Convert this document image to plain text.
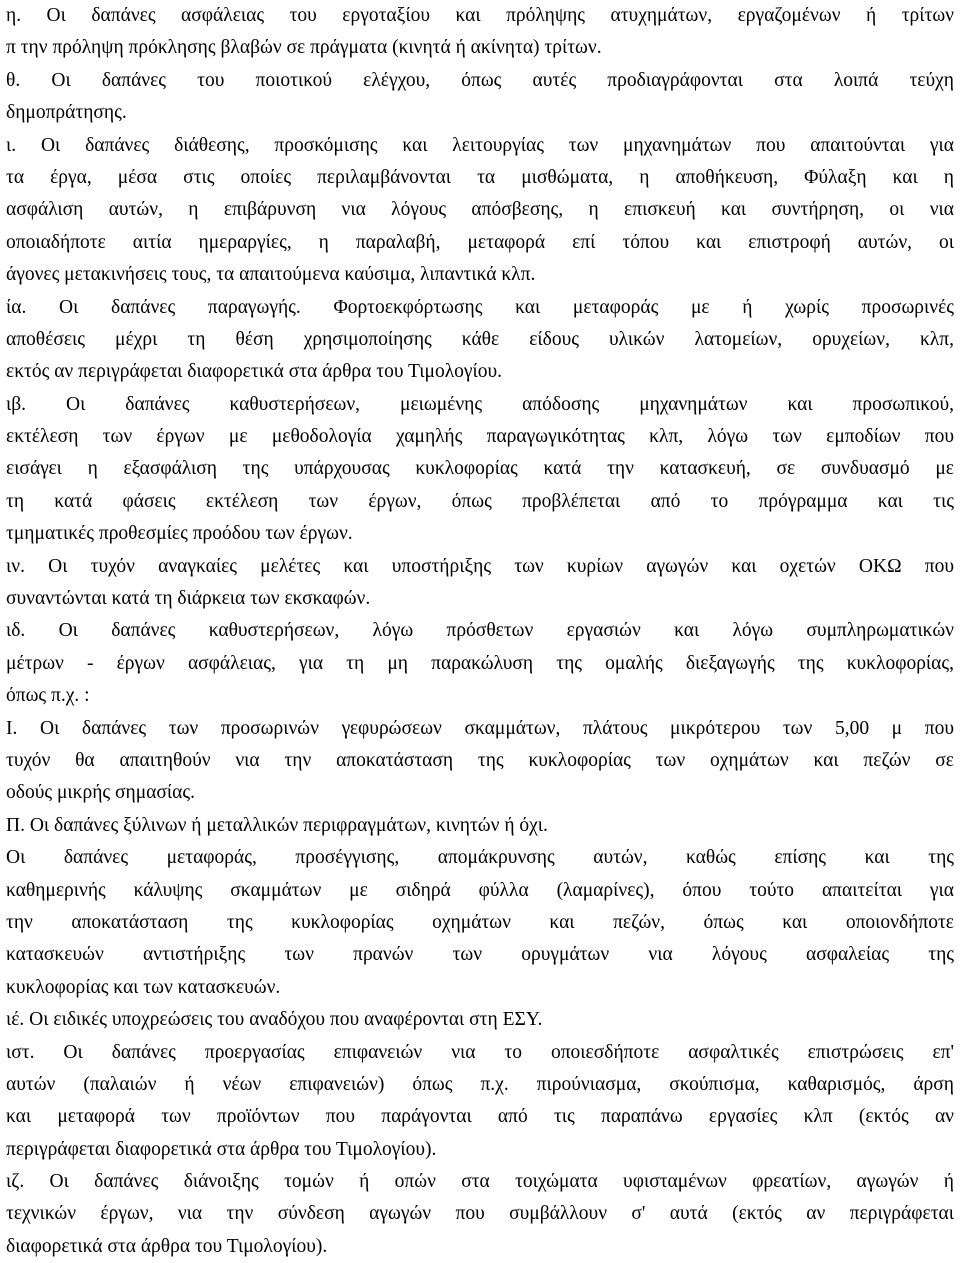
η. Οι δαπάνες ασφάλειας του εργοταξίου και πρόληψης ατυχημάτων, εργαζομένων ή τρίτων
π την πρόληψη πρόκλησης βλαβών σε πράγματα (κινητά ή ακίνητα) τρίτων.
θ. Οι δαπάνες του ποιοτικού ελέγχου, όπως αυτές προδιαγράφονται στα λοιπά τεύχη
δημοπράτησης.
ι. Οι δαπάνες διάθεσης, προσκόμισης και λειτουργίας των μηχανημάτων που απαιτούνται για
τα έργα, μέσα στις οποίες περιλαμβάνονται τα μισθώματα, η αποθήκευση, Φύλαξη και η
ασφάλιση αυτών, η επιβάρυνση νια λόγους απόσβεσης, η επισκευή και συντήρηση, οι νια
οποιαδήποτε αιτία ημεραργίες, η παραλαβή, μεταφορά επί τόπου και επιστροφή αυτών, οι
άγονες μετακινήσεις τους, τα απαιτούμενα καύσιμα, λιπαντικά κλπ.
ία. Οι δαπάνες παραγωγής. Φορτοεκφόρτωσης και μεταφοράς με ή χωρίς προσωρινές
αποθέσεις μέχρι τη θέση χρησιμοποίησης κάθε είδους υλικών λατομείων, ορυχείων, κλπ,
εκτός αν περιγράφεται διαφορετικά στα άρθρα του Τιμολογίου.
ιβ. Οι δαπάνες καθυστερήσεων, μειωμένης απόδοσης μηχανημάτων και προσωπικού,
εκτέλεση των έργων με μεθοδολογία χαμηλής παραγωγικότητας κλπ, λόγω των εμποδίων που
εισάγει η εξασφάλιση της υπάρχουσας κυκλοφορίας κατά την κατασκευή, σε συνδυασμό με
τη κατά φάσεις εκτέλεση των έργων, όπως προβλέπεται από το πρόγραμμα και τις
τμηματικές προθεσμίες προόδου των έργων.
ιν. Οι τυχόν αναγκαίες μελέτες και υποστήριξης των κυρίων αγωγών και οχετών ΟΚΩ που
συναντώνται κατά τη διάρκεια των εκσκαφών.
ιδ. Οι δαπάνες καθυστερήσεων, λόγω πρόσθετων εργασιών και λόγω συμπληρωματικών
μέτρων - έργων ασφάλειας, για τη μη παρακώλυση της ομαλής διεξαγωγής της κυκλοφορίας,
όπως π.χ. :
Ι. Οι δαπάνες των προσωρινών γεφυρώσεων σκαμμάτων, πλάτους μικρότερου των 5,00 μ που
τυχόν θα απαιτηθούν νια την αποκατάσταση της κυκλοφορίας των οχημάτων και πεζών σε
οδούς μικρής σημασίας.
Π. Οι δαπάνες ξύλινων ή μεταλλικών περιφραγμάτων, κινητών ή όχι.
Οι δαπάνες μεταφοράς, προσέγγισης, απομάκρυνσης αυτών, καθώς επίσης και της
καθημερινής κάλυψης σκαμμάτων με σιδηρά φύλλα (λαμαρίνες), όπου τούτο απαιτείται για
την αποκατάσταση της κυκλοφορίας οχημάτων και πεζών, όπως και οποιονδήποτε
κατασκευών αντιστήριξης των πρανών των ορυγμάτων νια λόγους ασφαλείας της
κυκλοφορίας και των κατασκευών.
ιέ. Οι ειδικές υποχρεώσεις του αναδόχου που αναφέρονται στη ΕΣΥ.
ιστ. Οι δαπάνες προεργασίας επιφανειών νια το οποιεσδήποτε ασφαλτικές επιστρώσεις επ'
αυτών (παλαιών ή νέων επιφανειών) όπως π.χ. πιρούνιασμα, σκούπισμα, καθαρισμός, άρση
και μεταφορά των προϊόντων που παράγονται από τις παραπάνω εργασίες κλπ (εκτός αν
περιγράφεται διαφορετικά στα άρθρα του Τιμολογίου).
ιζ. Οι δαπάνες διάνοιξης τομών ή οπών στα τοιχώματα υφισταμένων φρεατίων, αγωγών ή
τεχνικών έργων, νια την σύνδεση αγωγών που συμβάλλουν σ' αυτά (εκτός αν περιγράφεται
διαφορετικά στα άρθρα του Τιμολογίου).
